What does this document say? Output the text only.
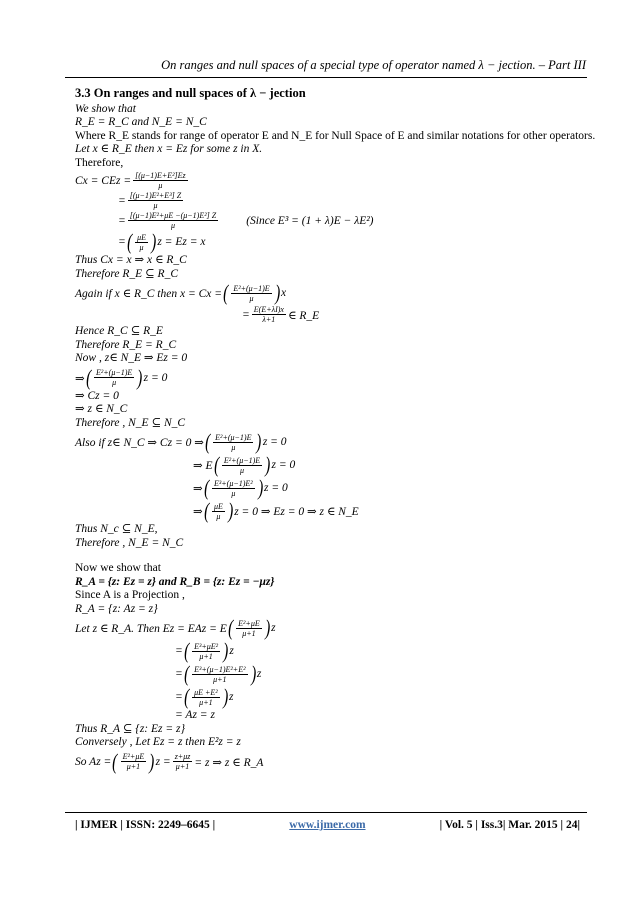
On ranges and null spaces of a special type of operator named λ − jection. – Part III
3.3 On ranges and null spaces of λ − jection
We show that
R_E = R_C and N_E = N_C
Where R_E stands for range of operator E and N_E for Null Space of E and similar notations for other operators.
Let x ∈ R_E then x = Ez for some z in X.
Therefore,
Cx = CEz = $\frac{\text{[(μ−1)E+E²]Ez}}{\mu}$
= $\frac{\text{[(μ−1)E²+E³] Z}}{\mu}$
= $\frac{\text{[(μ−1)E²+μE −(μ−1)E²] Z}}{\mu}$ (Since E³ = (1 + λ)E − λE²)
= ( $\frac{\mu E}{\mu}$ ) z = Ez = x
Thus Cx = x ⇒ x ∈ R_C
Therefore R_E ⊆ R_C
Again if x ∈ R_C then x = Cx = ( $\frac{\text{E²+(μ−1)E}}{\mu}$ ) x
= $\frac{E(E+\lambda I)x}{\lambda+1}$ ∈ R_E
Hence R_C ⊆ R_E
Therefore R_E = R_C
Now , z∈ N_E ⇒ Ez = 0
⇒ ( $\frac{\text{E²+(μ−1)E}}{\mu}$ ) z = 0
⇒ Cz = 0
⇒ z ∈ N_C
Therefore , N_E ⊆ N_C
Also if z∈ N_C ⇒ Cz = 0 ⇒ ( $\frac{\text{E²+(μ−1)E}}{\mu}$ ) z = 0
⇒ E ( $\frac{\text{E²+(μ−1)E}}{\mu}$ ) z = 0
⇒ ( $\frac{\text{E³+(μ−1)E²}}{\mu}$ ) z = 0
⇒ ( $\frac{\mu E}{\mu}$ ) z = 0 ⇒ Ez = 0 ⇒ z ∈ N_E
Thus N_c ⊆ N_E,
Therefore , N_E = N_C
Now we show that
R_A = {z: Ez = z} and R_B = {z: Ez = −μz}
Since A is a Projection ,
R_A = {z: Az = z}
Let z ∈ R_A. Then Ez = EAz = E ( $\frac{\text{E²+μE}}{\mu+1}$ ) z
= ( $\frac{\text{E³+μE²}}{\mu+1}$ ) z
= ( $\frac{\text{E³+(μ−1)E²+E²}}{\mu+1}$ ) z
= ( $\frac{\text{μE +E²}}{\mu+1}$ ) z
= Az = z
Thus R_A ⊆ {z: Ez = z}
Conversely , Let Ez = z then E²z = z
So Az = ( $\frac{\text{E²+μE}}{\mu+1}$ ) $z = \frac{z+\mu z}{\mu+1} = z$ ⇒ z ∈ R_A
| IJMER | ISSN: 2249–6645 |	www.ijmer.com	| Vol. 5 | Iss.3| Mar. 2015 | 24|
